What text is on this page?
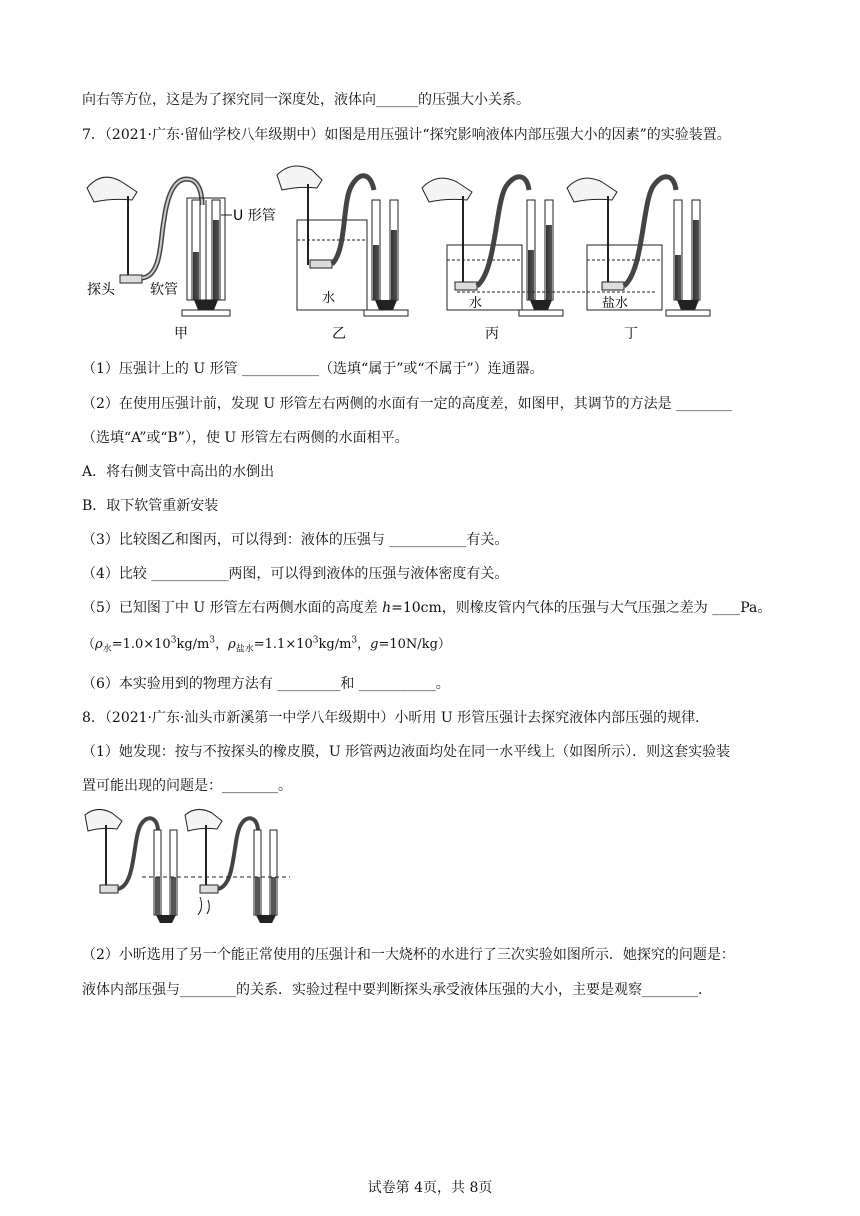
向右等方位，这是为了探究同一深度处，液体向______的压强大小关系。
7．（2021·广东·留仙学校八年级期中）如图是用压强计“探究影响液体内部压强大小的因素”的实验装置。
U 形管
探头	软管
甲
水
乙
水
丙
盐水
丁
（1）压强计上的 U 形管 ___________（选填“属于”或“不属于”）连通器。
（2）在使用压强计前，发现 U 形管左右两侧的水面有一定的高度差，如图甲，其调节的方法是 ________
（选填“A”或“B”），使 U 形管左右两侧的水面相平。
A．将右侧支管中高出的水倒出
B．取下软管重新安装
（3）比较图乙和图丙，可以得到：液体的压强与 ___________有关。
（4）比较 ___________两图，可以得到液体的压强与液体密度有关。
（5）已知图丁中 U 形管左右两侧水面的高度差 h=10cm，则橡皮管内气体的压强与大气压强之差为 ____Pa。
（$\rho_水=1.0\times 10^3kg/m^3$，$\rho_{盐水}=1.1\times 10^3kg/m^3$，g=10N/kg）
（6）本实验用到的物理方法有 _________和 ___________。
8．（2021·广东·汕头市新溪第一中学八年级期中）小昕用 U 形管压强计去探究液体内部压强的规律．
（1）她发现：按与不按探头的橡皮膜，U 形管两边液面均处在同一水平线上（如图所示）．则这套实验装
置可能出现的问题是：________。
（2）小昕选用了另一个能正常使用的压强计和一大烧杯的水进行了三次实验如图所示．她探究的问题是：
液体内部压强与________的关系．实验过程中要判断探头承受液体压强的大小，主要是观察________．
试卷第 4页，共 8页
